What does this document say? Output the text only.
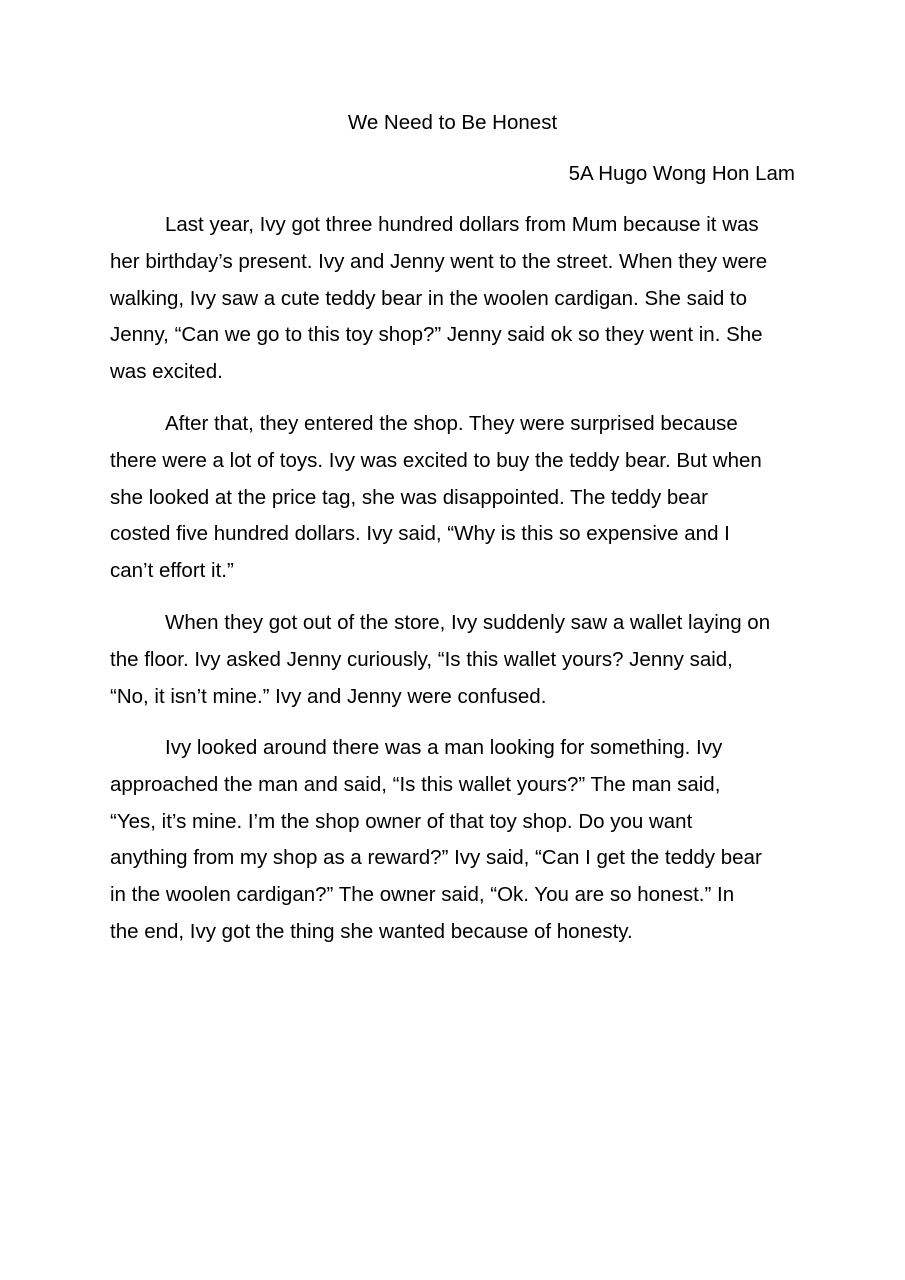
We Need to Be Honest
5A Hugo Wong Hon Lam

Last year, Ivy got three hundred dollars from Mum because it was
her birthday’s present. Ivy and Jenny went to the street. When they were
walking, Ivy saw a cute teddy bear in the woolen cardigan. She said to
Jenny, “Can we go to this toy shop?” Jenny said ok so they went in. She
was excited.

After that, they entered the shop. They were surprised because
there were a lot of toys. Ivy was excited to buy the teddy bear. But when
she looked at the price tag, she was disappointed. The teddy bear
costed five hundred dollars. Ivy said, “Why is this so expensive and I
can’t effort it.”

When they got out of the store, Ivy suddenly saw a wallet laying on
the floor. Ivy asked Jenny curiously, “Is this wallet yours? Jenny said,
“No, it isn’t mine.” Ivy and Jenny were confused.

Ivy looked around there was a man looking for something. Ivy
approached the man and said, “Is this wallet yours?” The man said,
“Yes, it’s mine. I’m the shop owner of that toy shop. Do you want
anything from my shop as a reward?” Ivy said, “Can I get the teddy bear
in the woolen cardigan?” The owner said, “Ok. You are so honest.” In
the end, Ivy got the thing she wanted because of honesty.
